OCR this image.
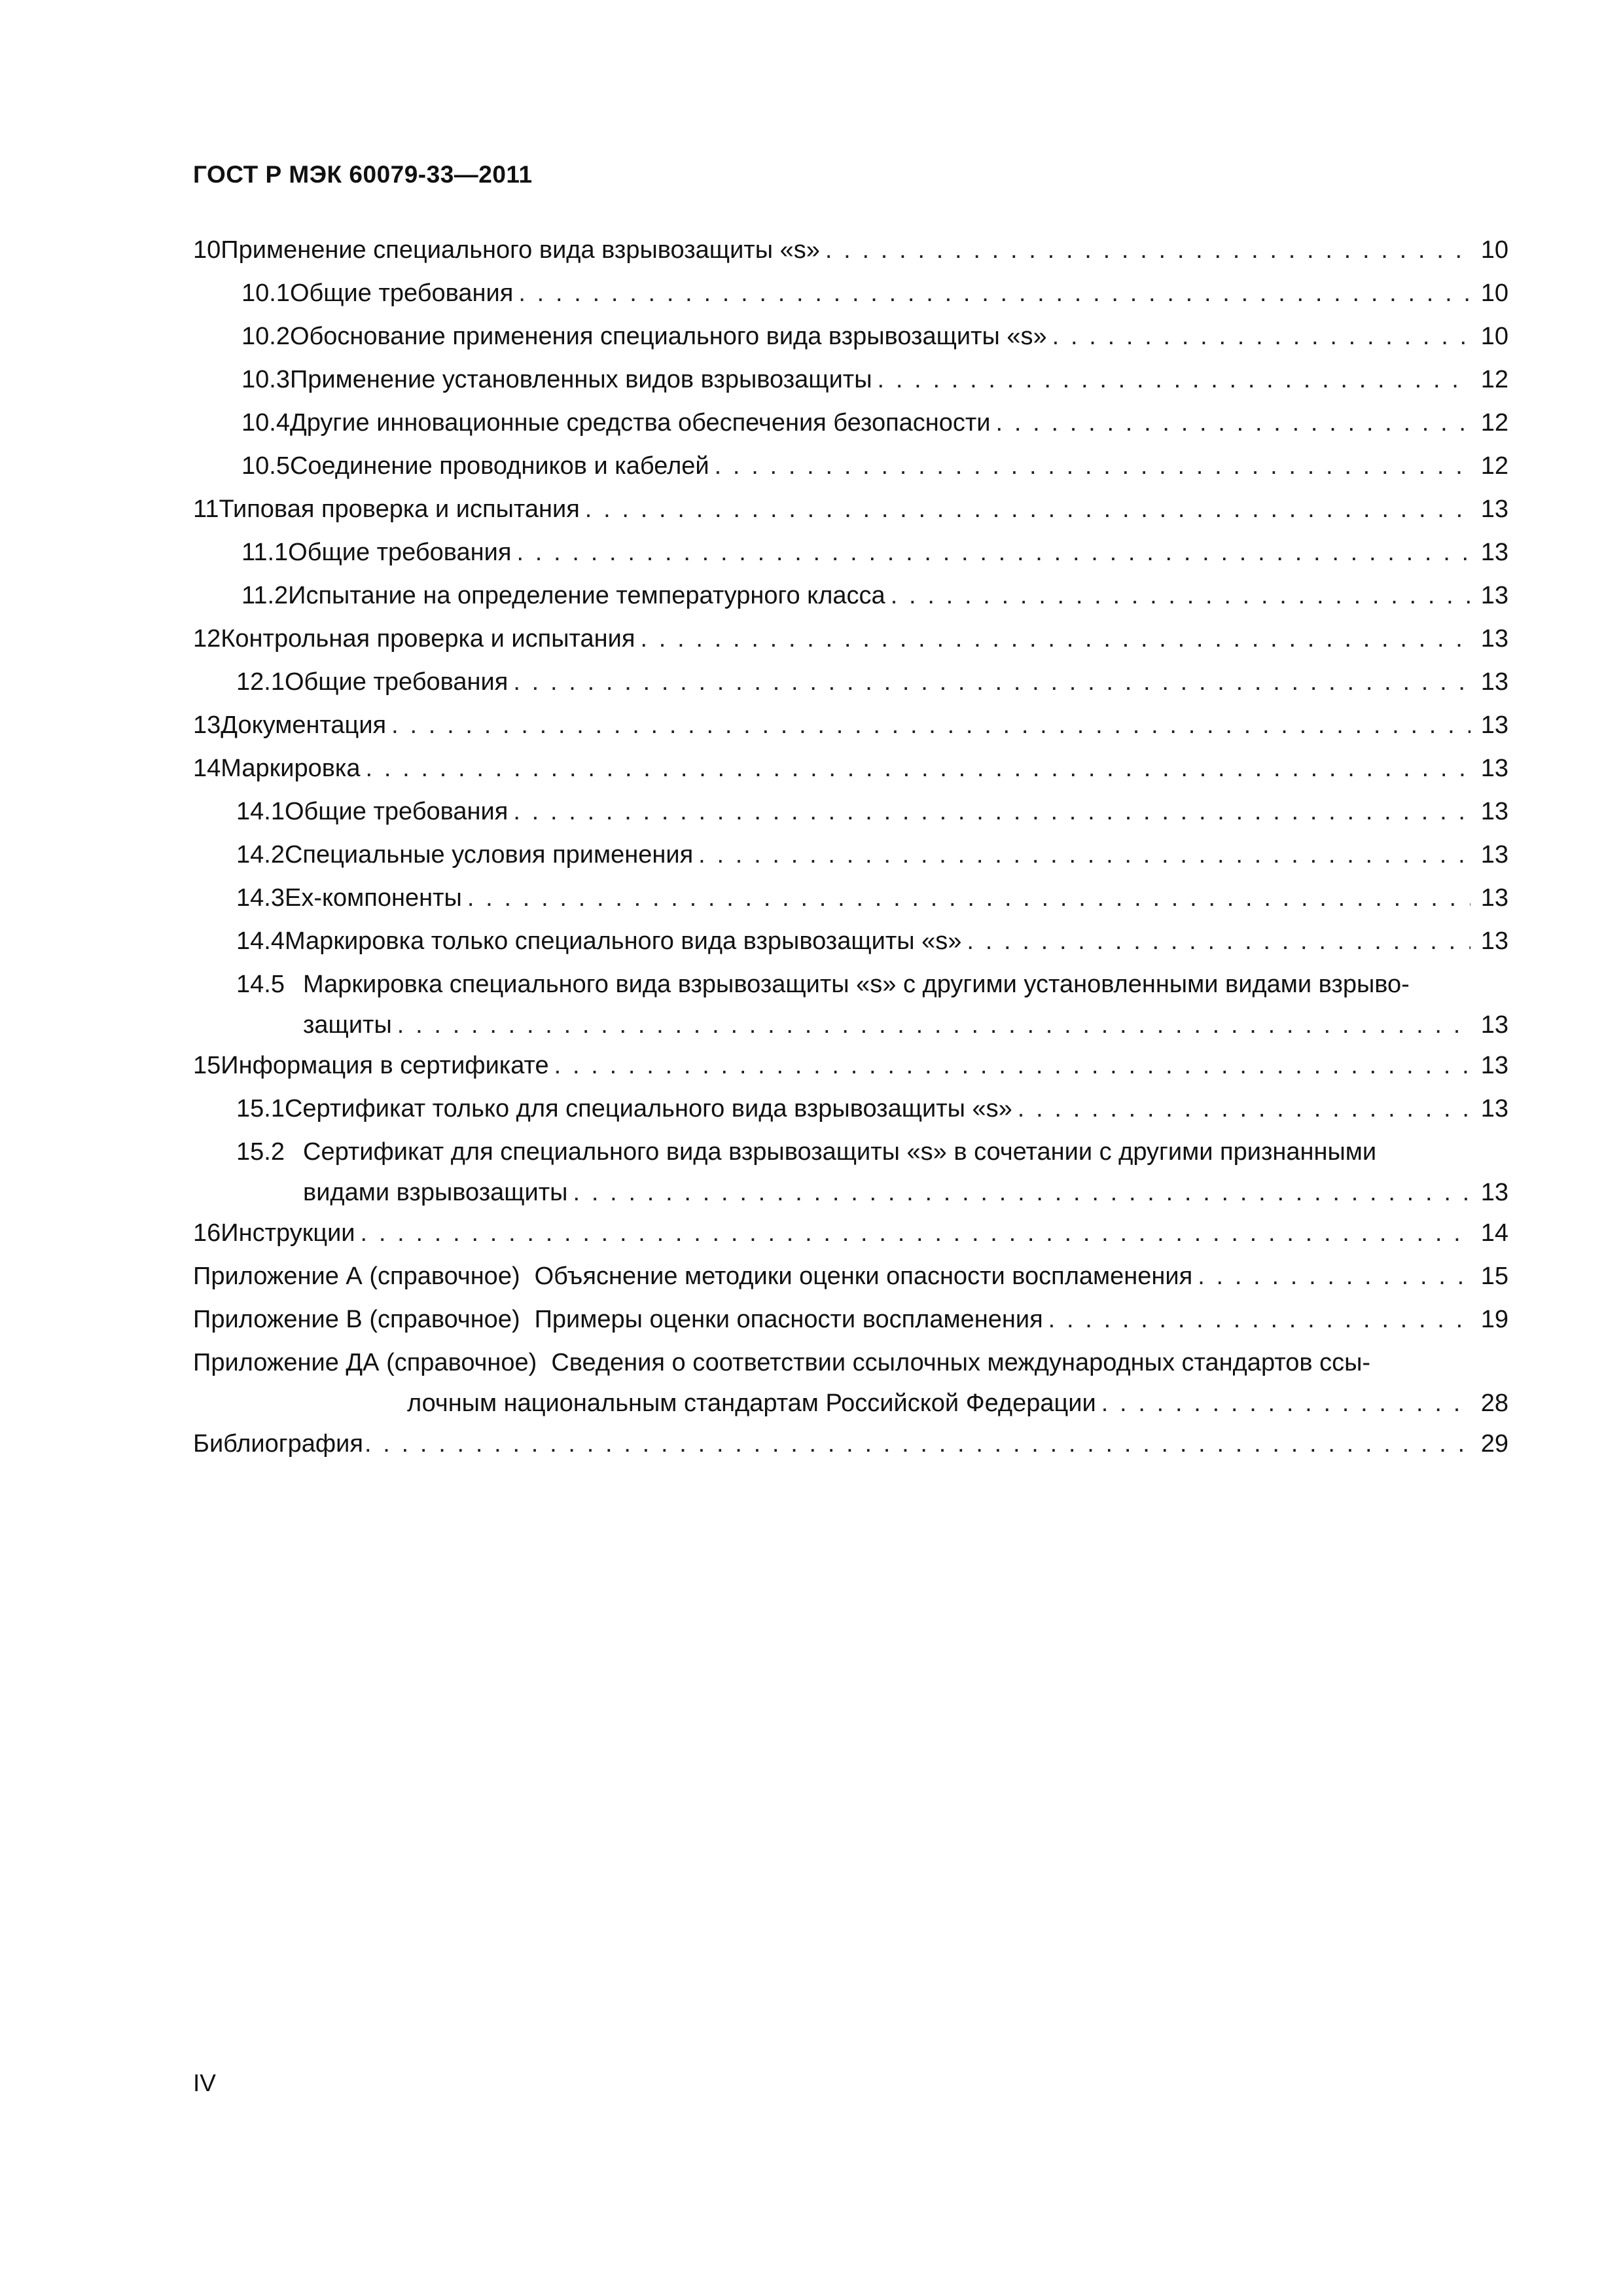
ГОСТ Р МЭК 60079-33—2011
10 Применение специального вида взрывозащиты «s» . . .	10
10.1 Общие требования . . .	10
10.2 Обоснование применения специального вида взрывозащиты «s» . . .	10
10.3 Применение установленных видов взрывозащиты . . .	12
10.4 Другие инновационные средства обеспечения безопасности . . .	12
10.5 Соединение проводников и кабелей . . .	12
11 Типовая проверка и испытания . . .	13
11.1 Общие требования . . .	13
11.2 Испытание на определение температурного класса . . .	13
12 Контрольная проверка и испытания . . .	13
12.1 Общие требования . . .	13
13 Документация . . .	13
14 Маркировка . . .	13
14.1 Общие требования . . .	13
14.2 Специальные условия применения . . .	13
14.3 Ex-компоненты . . .	13
14.4 Маркировка только специального вида взрывозащиты «s» . . .	13
14.5 Маркировка специального вида взрывозащиты «s» с другими установленными видами взрыво-
защиты . . .	13
15 Информация в сертификате . . .	13
15.1 Сертификат только для специального вида взрывозащиты «s» . . .	13
15.2 Сертификат для специального вида взрывозащиты «s» в сочетании с другими признанными
видами взрывозащиты . . .	13
16 Инструкции . . .	14
Приложение А (справочное) Объяснение методики оценки опасности воспламенения . . .	15
Приложение В (справочное) Примеры оценки опасности воспламенения . . .	19
Приложение ДА (справочное) Сведения о соответствии ссылочных международных стандартов ссы-
лочным национальным стандартам Российской Федерации . . .	28
Библиография . . .	29
IV
